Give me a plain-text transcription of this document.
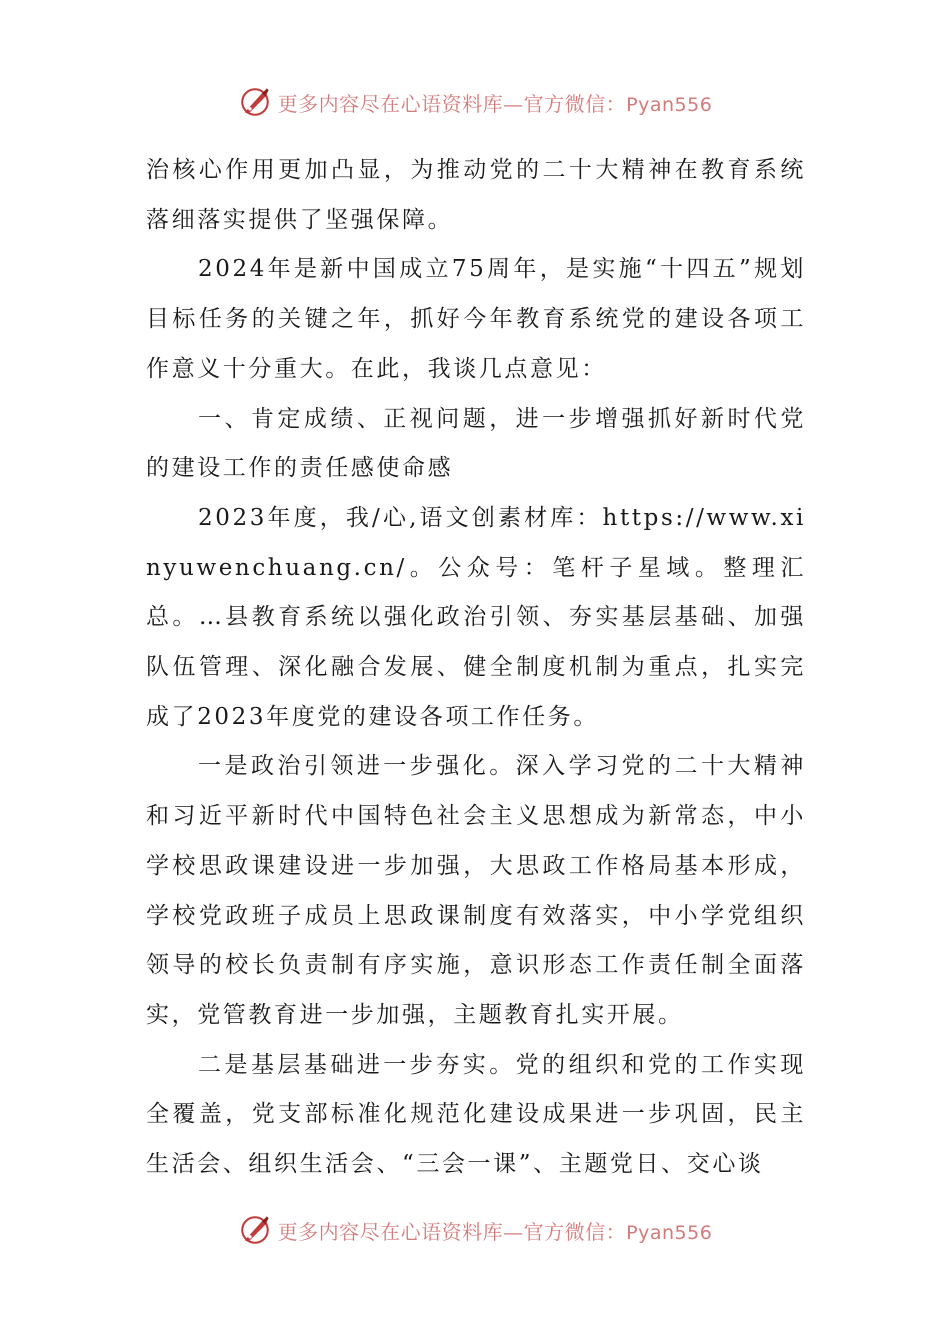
更多内容尽在心语资料库—官方微信：Pyan556

治核心作用更加凸显，为推动党的二十大精神在教育系统落细落实提供了坚强保障。

2024年是新中国成立75周年，是实施“十四五”规划目标任务的关键之年，抓好今年教育系统党的建设各项工作意义十分重大。在此，我谈几点意见：

一、肯定成绩、正视问题，进一步增强抓好新时代党的建设工作的责任感使命感

2023年度，我/心,语文创素材库：https://www.xinyuwenchuang.cn/。公众号：笔杆子星域。整理汇总。…县教育系统以强化政治引领、夯实基层基础、加强队伍管理、深化融合发展、健全制度机制为重点，扎实完成了2023年度党的建设各项工作任务。

一是政治引领进一步强化。深入学习党的二十大精神和习近平新时代中国特色社会主义思想成为新常态，中小学校思政课建设进一步加强，大思政工作格局基本形成，学校党政班子成员上思政课制度有效落实，中小学党组织领导的校长负责制有序实施，意识形态工作责任制全面落实，党管教育进一步加强，主题教育扎实开展。

二是基层基础进一步夯实。党的组织和党的工作实现全覆盖，党支部标准化规范化建设成果进一步巩固，民主生活会、组织生活会、“三会一课”、主题党日、交心谈

更多内容尽在心语资料库—官方微信：Pyan556
